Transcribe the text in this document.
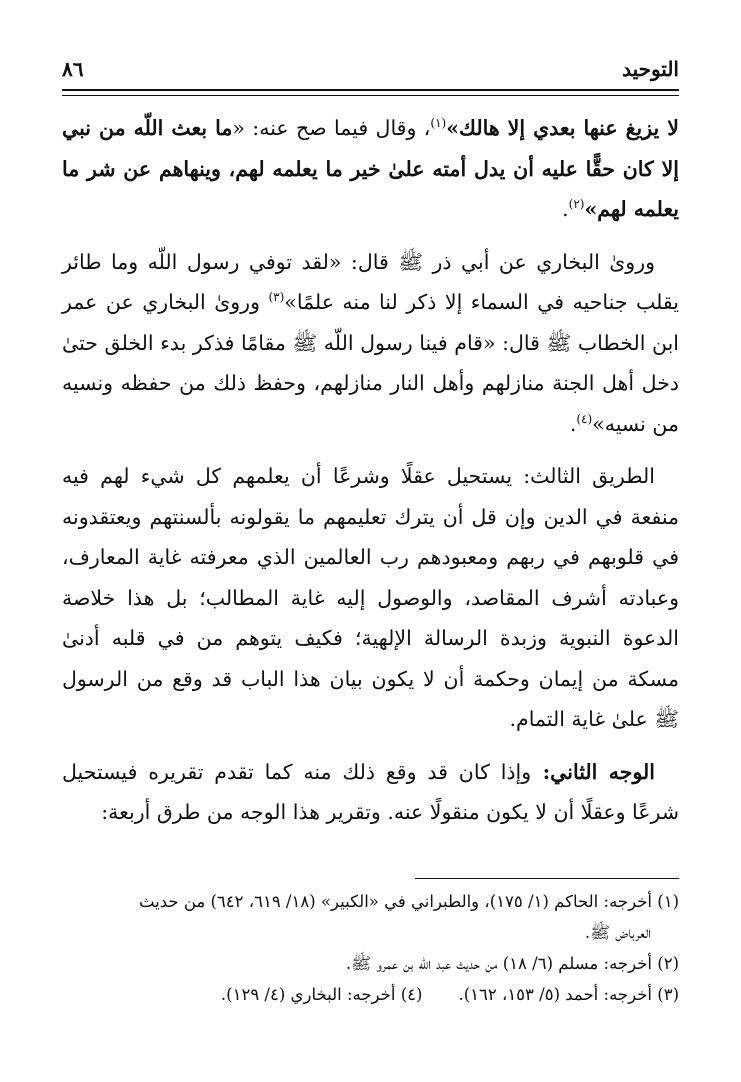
٨٦	التوحيد

لا يزيغ عنها بعدي إلا هالك»$^{(١)}$، وقال فيما صح عنه: «ما بعث اللّه من نبي إلا كان حقًّا عليه أن يدل أمته علىٰ خير ما يعلمه لهم، وينهاهم عن شر ما يعلمه لهم»$^{(٢)}$.

وروىٰ البخاري عن أبي ذر ﷺ قال: «لقد توفي رسول اللّه وما طائر يقلب جناحيه في السماء إلا ذكر لنا منه علمًا»$^{(٣)}$ وروىٰ البخاري عن عمر ابن الخطاب ﷺ قال: «قام فينا رسول اللّه ﷺ مقامًا فذكر بدء الخلق حتىٰ دخل أهل الجنة منازلهم وأهل النار منازلهم، وحفظ ذلك من حفظه ونسيه من نسيه»$^{(٤)}$.

الطريق الثالث: يستحيل عقلًا وشرعًا أن يعلمهم كل شيء لهم فيه منفعة في الدين وإن قل أن يترك تعليمهم ما يقولونه بألسنتهم ويعتقدونه في قلوبهم في ربهم ومعبودهم رب العالمين الذي معرفته غاية المعارف، وعبادته أشرف المقاصد، والوصول إليه غاية المطالب؛ بل هذا خلاصة الدعوة النبوية وزبدة الرسالة الإلهية؛ فكيف يتوهم من في قلبه أدنىٰ مسكة من إيمان وحكمة أن لا يكون بيان هذا الباب قد وقع من الرسول ﷺ علىٰ غاية التمام.

الوجه الثاني: وإذا كان قد وقع ذلك منه كما تقدم تقريره فيستحيل شرعًا وعقلًا أن لا يكون منقولًا عنه. وتقرير هذا الوجه من طرق أربعة:

(١) أخرجه: الحاكم (١/ ١٧٥)، والطبراني في «الكبير» (١٨/ ٦١٩، ٦٤٢) من حديث
العرباض ﷺ.
(٢) أخرجه: مسلم (٦/ ١٨) من حديث عبد اللّه بن عمرو ﷺ.
(٣) أخرجه: أحمد (٥/ ١٥٣، ١٦٢).
(٤) أخرجه: البخاري (٤/ ١٢٩).
